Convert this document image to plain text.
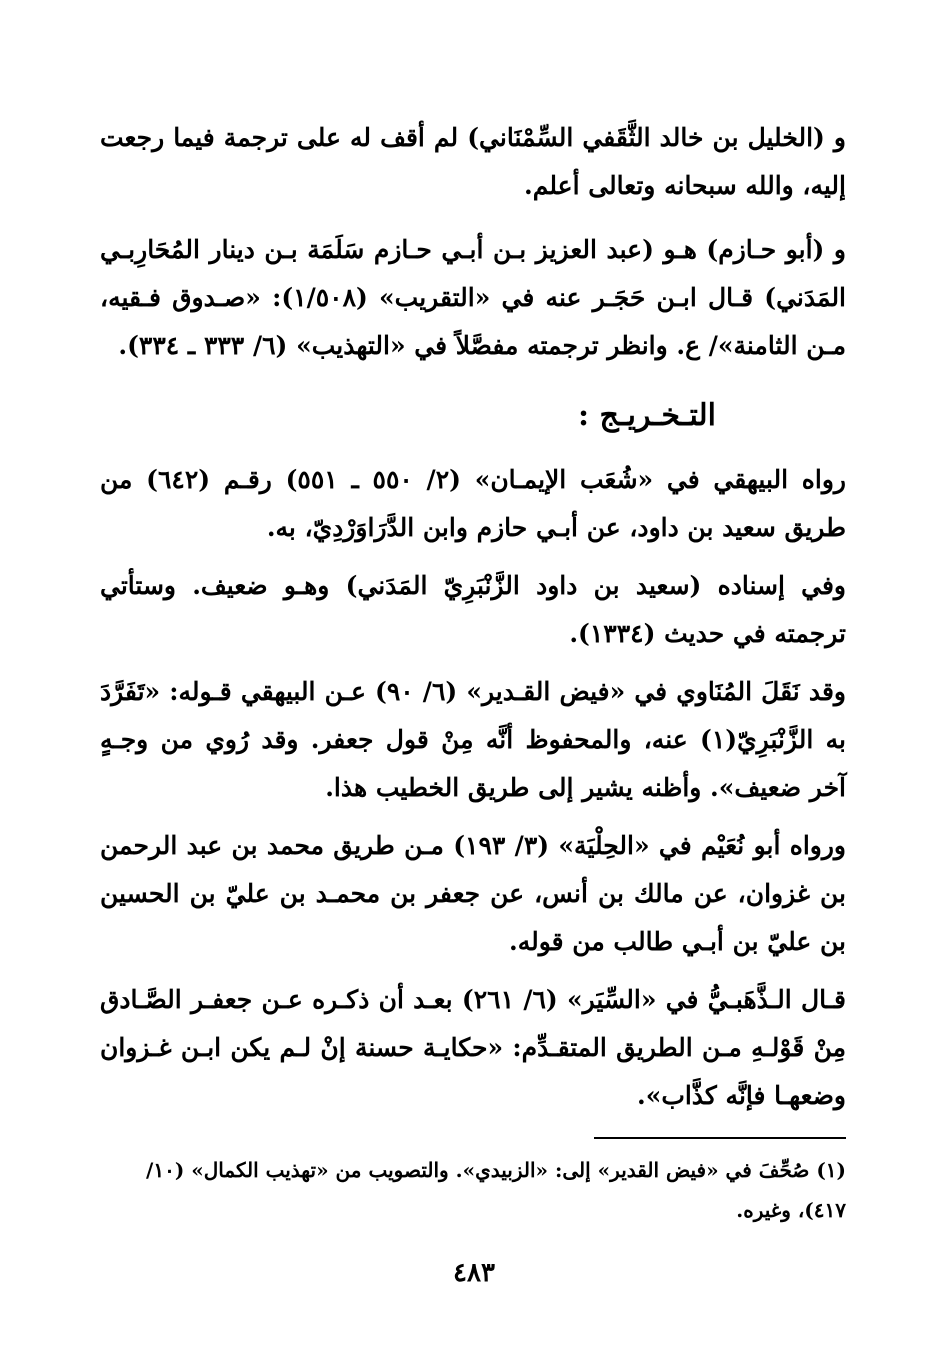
و (الخليل بن خالد الثَّقَفي السِّمْنَاني) لم أقف له على ترجمة فيما رجعت إليه، والله سبحانه وتعالى أعلم.
و (أبو حـازم) هـو (عبد العزيز بـن أبـي حـازم سَلَمَة بـن دينار المُحَارِبـي المَدَني) قـال ابـن حَجَـر عنه في «التقريب» (١/٥٠٨): «صـدوق فـقيه، مـن الثامنة»/ ع. وانظر ترجمته مفصَّلاً في «التهذيب» (٦/ ٣٣٣ ـ ٣٣٤).
التـخـريـج :
رواه البيهقي في «شُعَب الإيمـان» (٢/ ٥٥٠ ـ ٥٥١) رقـم (٦٤٢) من طريق سعيد بن داود، عن أبـي حازم وابن الدَّرَاوَرْدِيّ، به.
وفي إسناده (سعيد بن داود الزَّنْبَرِيّ المَدَني) وهـو ضعيف. وستأتي ترجمته في حديث (١٣٣٤).
وقد نَقَلَ المُنَاوي في «فيض القـدير» (٦/ ٩٠) عـن البيهقي قـوله: «تَفَرَّدَ به الزَّنْبَرِيّ(١) عنه، والمحفوظ أنَّه مِنْ قول جعفر. وقد رُوي من وجـهٍ آخر ضعيف». وأظنه يشير إلى طريق الخطيب هذا.
ورواه أبو نُعَيْم في «الحِلْيَة» (٣/ ١٩٣) مـن طريق محمد بن عبد الرحمن بن غزوان، عن مالك بن أنس، عن جعفر بن محمـد بن عليّ بن الحسين بن عليّ بن أبـي طالب من قوله.
قـال الـذَّهَبـيُّ في «السِّيَر» (٦/ ٢٦١) بعـد أن ذكـره عـن جعفـر الصَّـادق مِنْ قَوْلـهِ مـن الطريق المتقـدِّم: «حكايـة حسنة إنْ لـم يكن ابـن غـزوان وضعهـا فإنَّه كذَّاب».
(١) صُحِّفَ في «فيض القدير» إلى: «الزبيدي». والتصويب من «تهذيب الكمال» (١٠/ ٤١٧)، وغيره.
٤٨٣
